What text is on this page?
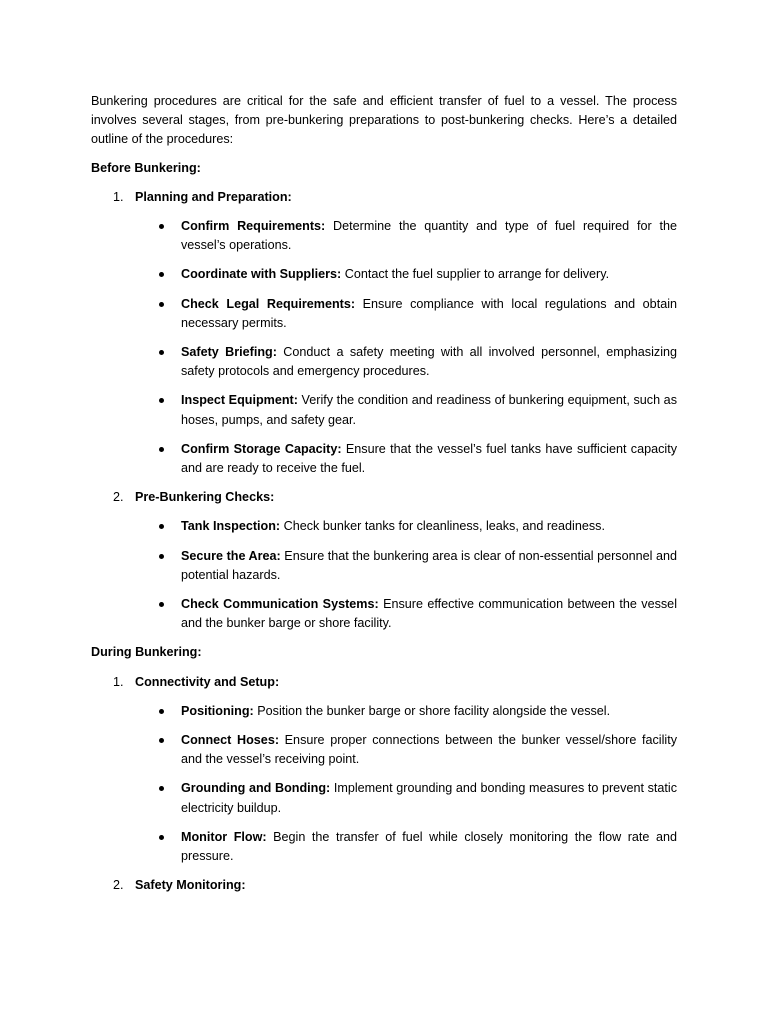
Bunkering procedures are critical for the safe and efficient transfer of fuel to a vessel. The process involves several stages, from pre-bunkering preparations to post-bunkering checks. Here’s a detailed outline of the procedures:

Before Bunkering:

1. Planning and Preparation:
Confirm Requirements: Determine the quantity and type of fuel required for the vessel’s operations.
Coordinate with Suppliers: Contact the fuel supplier to arrange for delivery.
Check Legal Requirements: Ensure compliance with local regulations and obtain necessary permits.
Safety Briefing: Conduct a safety meeting with all involved personnel, emphasizing safety protocols and emergency procedures.
Inspect Equipment: Verify the condition and readiness of bunkering equipment, such as hoses, pumps, and safety gear.
Confirm Storage Capacity: Ensure that the vessel’s fuel tanks have sufficient capacity and are ready to receive the fuel.
2. Pre-Bunkering Checks:
Tank Inspection: Check bunker tanks for cleanliness, leaks, and readiness.
Secure the Area: Ensure that the bunkering area is clear of non-essential personnel and potential hazards.
Check Communication Systems: Ensure effective communication between the vessel and the bunker barge or shore facility.

During Bunkering:

1. Connectivity and Setup:
Positioning: Position the bunker barge or shore facility alongside the vessel.
Connect Hoses: Ensure proper connections between the bunker vessel/shore facility and the vessel’s receiving point.
Grounding and Bonding: Implement grounding and bonding measures to prevent static electricity buildup.
Monitor Flow: Begin the transfer of fuel while closely monitoring the flow rate and pressure.
2. Safety Monitoring:
